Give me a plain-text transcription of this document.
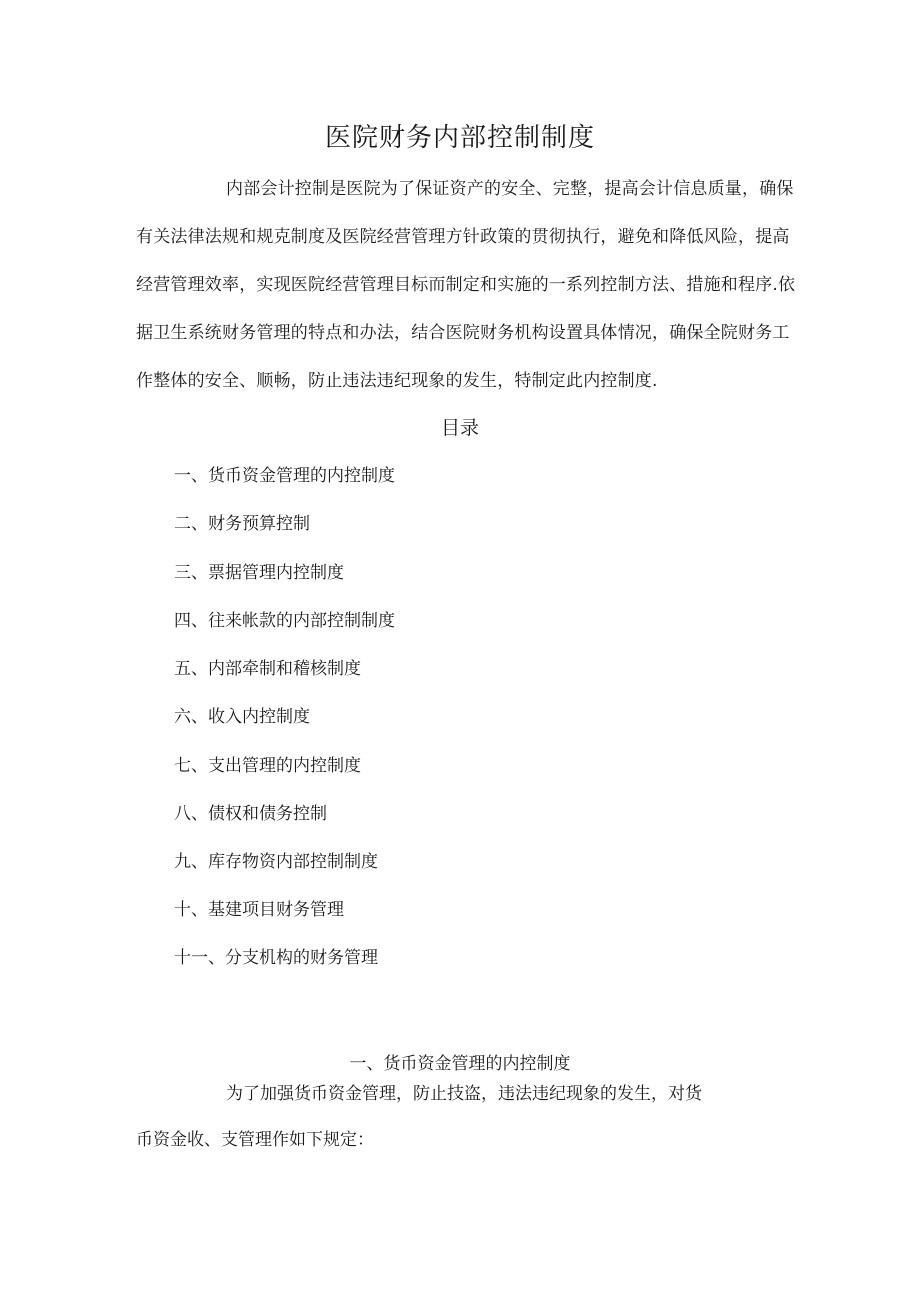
医院财务内部控制制度
内部会计控制是医院为了保证资产的安全、完整，提高会计信息质量，确保
有关法律法规和规克制度及医院经营管理方针政策的贯彻执行，避免和降低风险，提高
经营管理效率，实现医院经营管理目标而制定和实施的一系列控制方法、措施和程序.依
据卫生系统财务管理的特点和办法，结合医院财务机构设置具体情况，确保全院财务工
作整体的安全、顺畅，防止违法违纪现象的发生，特制定此内控制度.
目录
一、货币资金管理的内控制度
二、财务预算控制
三、票据管理内控制度
四、往来帐款的内部控制制度
五、内部牵制和稽核制度
六、收入内控制度
七、支出管理的内控制度
八、债权和债务控制
九、库存物资内部控制制度
十、基建项目财务管理
十一、分支机构的财务管理
一、货币资金管理的内控制度
为了加强货币资金管理，防止技盗，违法违纪现象的发生，对货
币资金收、支管理作如下规定：
